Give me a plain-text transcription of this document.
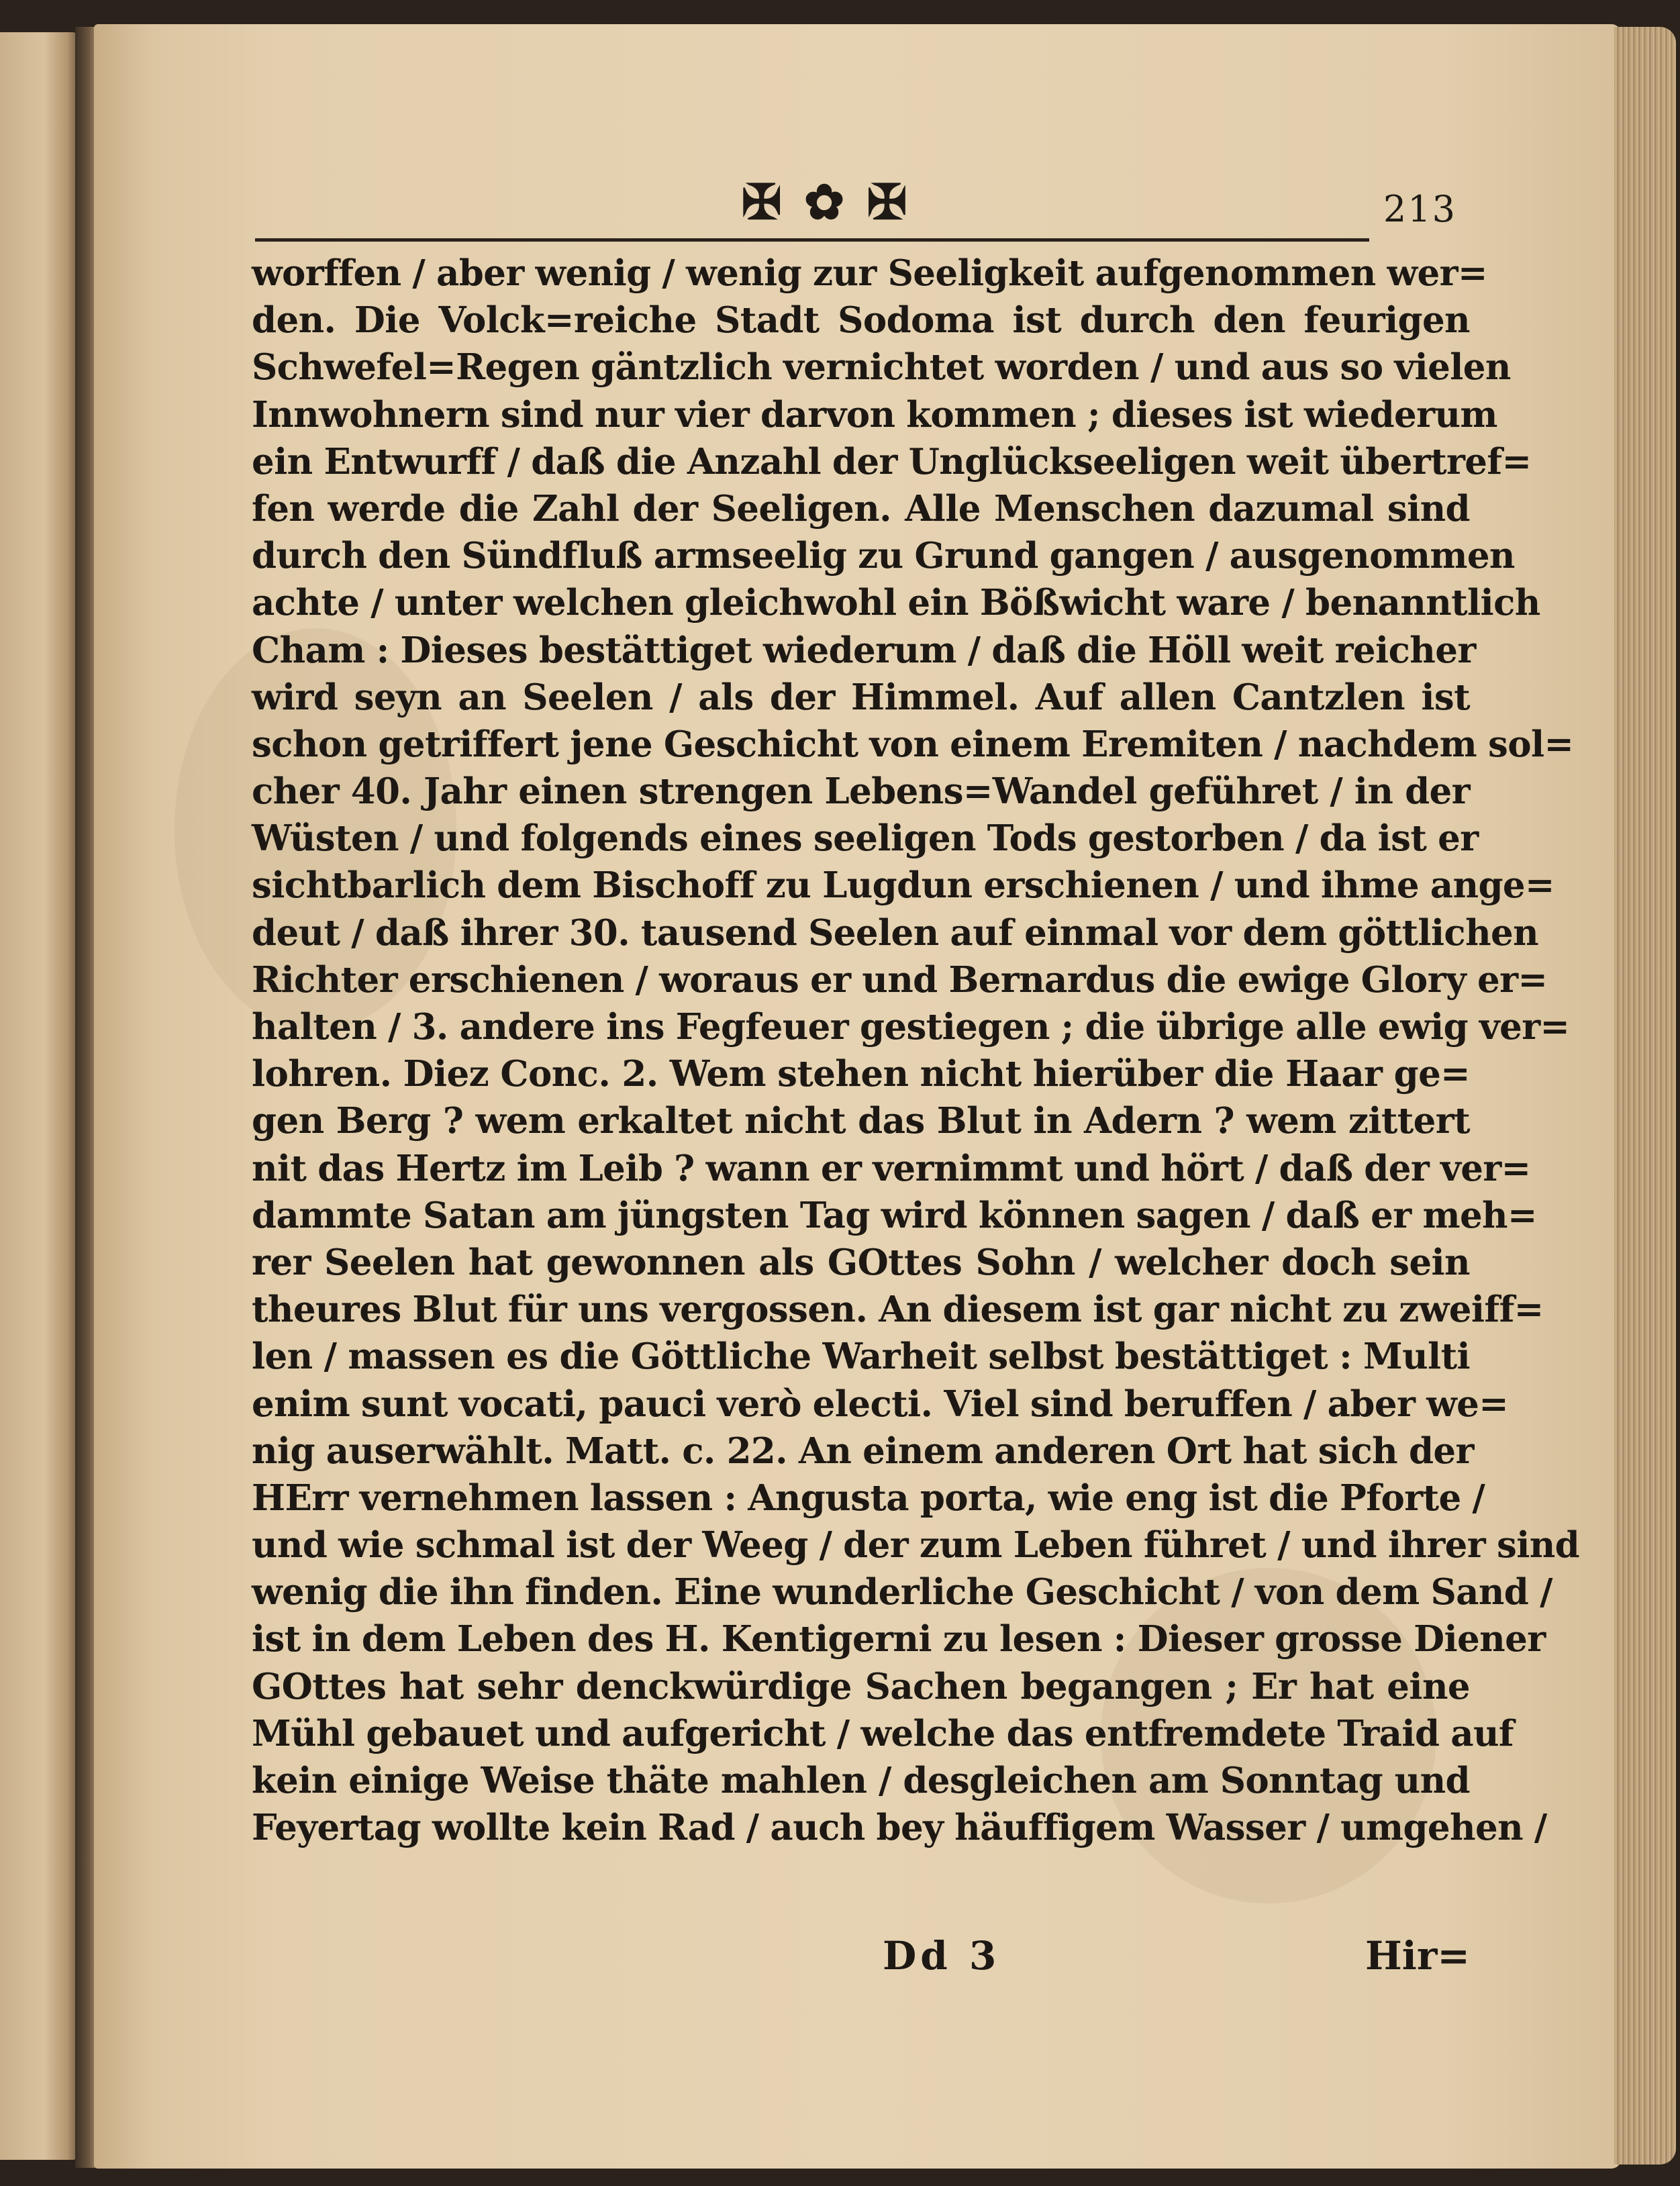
✠ ✿ ✠	213
worffen / aber wenig / wenig zur Seeligkeit aufgenommen wer=
den. Die Volck=reiche Stadt Sodoma ist durch den feurigen
Schwefel=Regen gäntzlich vernichtet worden / und aus so vielen
Innwohnern sind nur vier darvon kommen ; dieses ist wiederum
ein Entwurff / daß die Anzahl der Unglückseeligen weit übertref=
fen werde die Zahl der Seeligen. Alle Menschen dazumal sind
durch den Sündfluß armseelig zu Grund gangen / ausgenommen
achte / unter welchen gleichwohl ein Bößwicht ware / benanntlich
Cham : Dieses bestättiget wiederum / daß die Höll weit reicher
wird seyn an Seelen / als der Himmel. Auf allen Cantzlen ist
schon getriffert jene Geschicht von einem Eremiten / nachdem sol=
cher 40. Jahr einen strengen Lebens=Wandel geführet / in der
Wüsten / und folgends eines seeligen Tods gestorben / da ist er
sichtbarlich dem Bischoff zu Lugdun erschienen / und ihme ange=
deut / daß ihrer 30. tausend Seelen auf einmal vor dem göttlichen
Richter erschienen / woraus er und Bernardus die ewige Glory er=
halten / 3. andere ins Fegfeuer gestiegen ; die übrige alle ewig ver=
lohren. Diez Conc. 2. Wem stehen nicht hierüber die Haar ge=
gen Berg ? wem erkaltet nicht das Blut in Adern ? wem zittert
nit das Hertz im Leib ? wann er vernimmt und hört / daß der ver=
dammte Satan am jüngsten Tag wird können sagen / daß er meh=
rer Seelen hat gewonnen als GOttes Sohn / welcher doch sein
theures Blut für uns vergossen. An diesem ist gar nicht zu zweiff=
len / massen es die Göttliche Warheit selbst bestättiget : Multi
enim sunt vocati, pauci verò electi. Viel sind beruffen / aber we=
nig auserwählt. Matt. c. 22. An einem anderen Ort hat sich der
HErr vernehmen lassen : Angusta porta, wie eng ist die Pforte /
und wie schmal ist der Weeg / der zum Leben führet / und ihrer sind
wenig die ihn finden. Eine wunderliche Geschicht / von dem Sand /
ist in dem Leben des H. Kentigerni zu lesen : Dieser grosse Diener
GOttes hat sehr denckwürdige Sachen begangen ; Er hat eine
Mühl gebauet und aufgericht / welche das entfremdete Traid auf
kein einige Weise thäte mahlen / desgleichen am Sonntag und
Feyertag wollte kein Rad / auch bey häuffigem Wasser / umgehen /
Dd 3	Hir=
